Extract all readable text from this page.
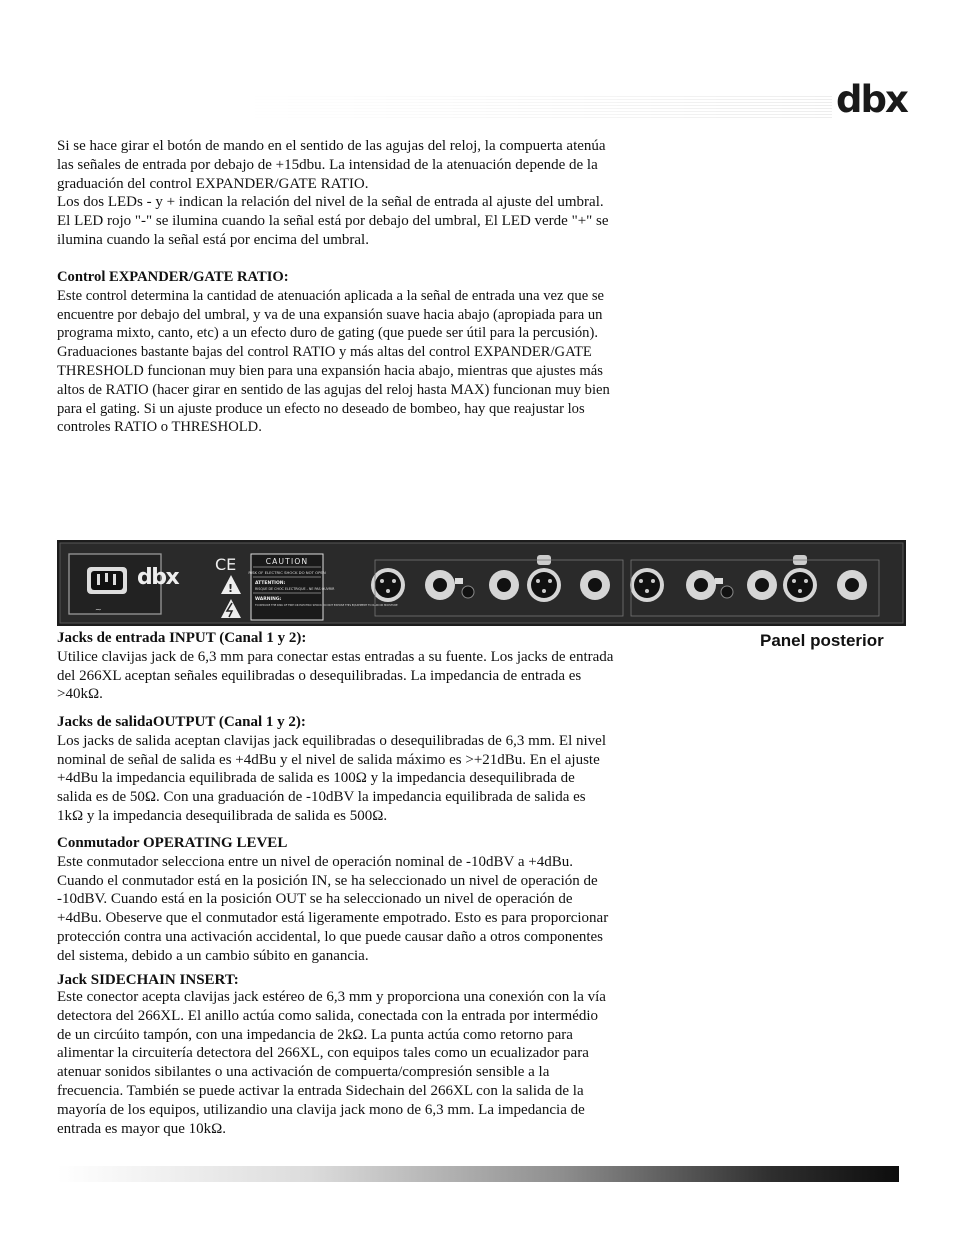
dbx

Si se hace girar el botón de mando en el sentido de las agujas del reloj, la compuerta atenúa las señales de entrada por debajo de +15dbu. La intensidad de la atenuación depende de la graduación del control EXPANDER/GATE RATIO.

Los dos LEDs - y + indican la relación del nivel de la señal de entrada al ajuste del umbral. El LED rojo "-" se ilumina cuando la señal está por debajo del umbral, El LED verde "+" se ilumina cuando la señal está por encima del umbral.

Control EXPANDER/GATE RATIO:

Este control determina la cantidad de atenuación aplicada a la señal de entrada una vez que se encuentre por debajo del umbral, y va de una expansión suave hacia abajo (apropiada para un programa mixto, canto, etc) a un efecto duro de gating (que puede ser útil para la percusión). Graduaciones bastante bajas del control RATIO y más altas del control EXPANDER/GATE THRESHOLD funcionan muy bien para una expansión hacia abajo, mientras que ajustes más altos de RATIO (hacer girar en sentido de las agujas del reloj hasta MAX) funcionan muy bien para el gating. Si un ajuste produce un efecto no deseado de bombeo, hay que reajustar los controles RATIO o THRESHOLD.

~
dbx
CE
!
CAUTION
RISK OF ELECTRIC SHOCK DO NOT OPEN
ATTENTION:
RISQUE DE CHOC ELECTRIQUE - NE PAS OUVRIR
WARNING:
TO REDUCE THE RISK OF FIRE OR ELECTRIC SHOCK DO NOT EXPOSE THIS EQUIPMENT TO RAIN OR MOISTURE
Panel posterior

Jacks de entrada INPUT (Canal 1 y 2):

Utilice clavijas jack de 6,3 mm para conectar estas entradas a su fuente. Los jacks de entrada del 266XL aceptan señales equilibradas o desequilibradas. La impedancia de entrada es >40kΩ.

Jacks de salidaOUTPUT (Canal 1 y 2):

Los jacks de salida aceptan clavijas jack equilibradas o desequilibradas de 6,3 mm. El nivel nominal de señal de salida es +4dBu y el nivel de salida máximo es >+21dBu. En el ajuste +4dBu la impedancia equilibrada de salida es 100Ω y la impedancia desequilibrada de salida es de 50Ω. Con una graduación de -10dBV la impedancia equilibrada de salida es 1kΩ y la impedancia desequilibrada de salida es 500Ω.

Conmutador OPERATING LEVEL

Este conmutador selecciona entre un nivel de operación nominal de -10dBV a +4dBu. Cuando el conmutador está en la posición IN, se ha seleccionado un nivel de operación de -10dBV. Cuando está en la posición OUT se ha seleccionado un nivel de operación de +4dBu. Obeserve que el conmutador está ligeramente empotrado. Esto es para proporcionar protección contra una activación accidental, lo que puede causar daño a otros componentes del sistema, debido a un cambio súbito en ganancia.

Jack SIDECHAIN INSERT:

Este conector acepta clavijas jack estéreo de 6,3 mm y proporciona una conexión con la vía detectora del 266XL. El anillo actúa como salida, conectada con la entrada por intermédio de un circúito tampón, con una impedancia de 2kΩ. La punta actúa como retorno para alimentar la circuitería detectora del 266XL, con equipos tales como un ecualizador para atenuar sonidos sibilantes o una activación de compuerta/compresión sensible a la frecuencia. También se puede activar la entrada Sidechain del 266XL con la salida de la mayoría de los equipos, utilizandio una clavija jack mono de 6,3 mm. La impedancia de entrada es mayor que 10kΩ.
